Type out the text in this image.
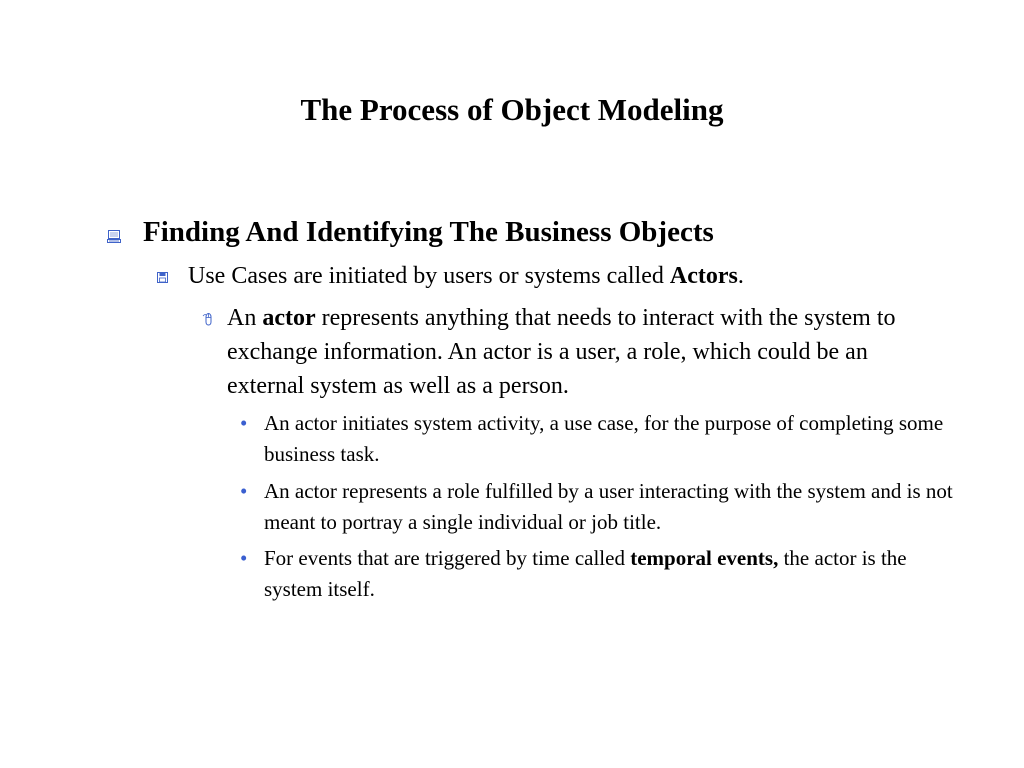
The Process of Object Modeling
Finding And Identifying The Business Objects
Use Cases are initiated by users or systems called Actors.
An actor represents anything that needs to interact with the system to exchange information. An actor is a user, a role, which could be an external system as well as a person.
• An actor initiates system activity, a use case, for the purpose of completing some business task.
• An actor represents a role fulfilled by a user interacting with the system and is not meant to portray a single individual or job title.
• For events that are triggered by time called temporal events, the actor is the system itself.
